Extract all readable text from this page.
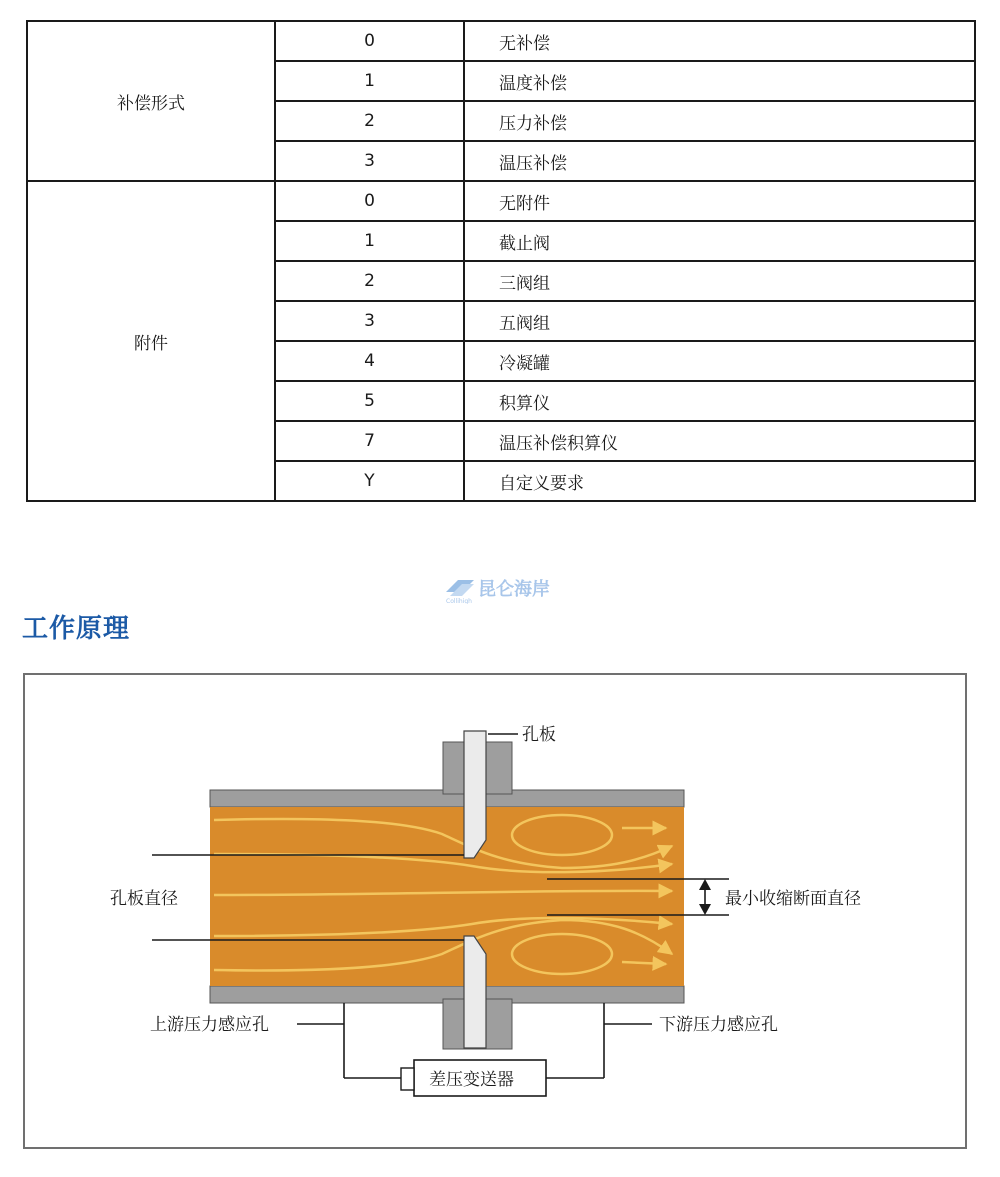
补偿形式	0	无补偿
	1	温度补偿
	2	压力补偿
	3	温压补偿
附件	0	无附件
	1	截止阀
	2	三阀组
	3	五阀组
	4	冷凝罐
	5	积算仪
	7	温压补偿积算仪
	Y	自定义要求
昆仑海岸
Collihigh
工作原理
孔板
孔板直径	最小收缩断面直径
上游压力感应孔	下游压力感应孔
差压变送器
